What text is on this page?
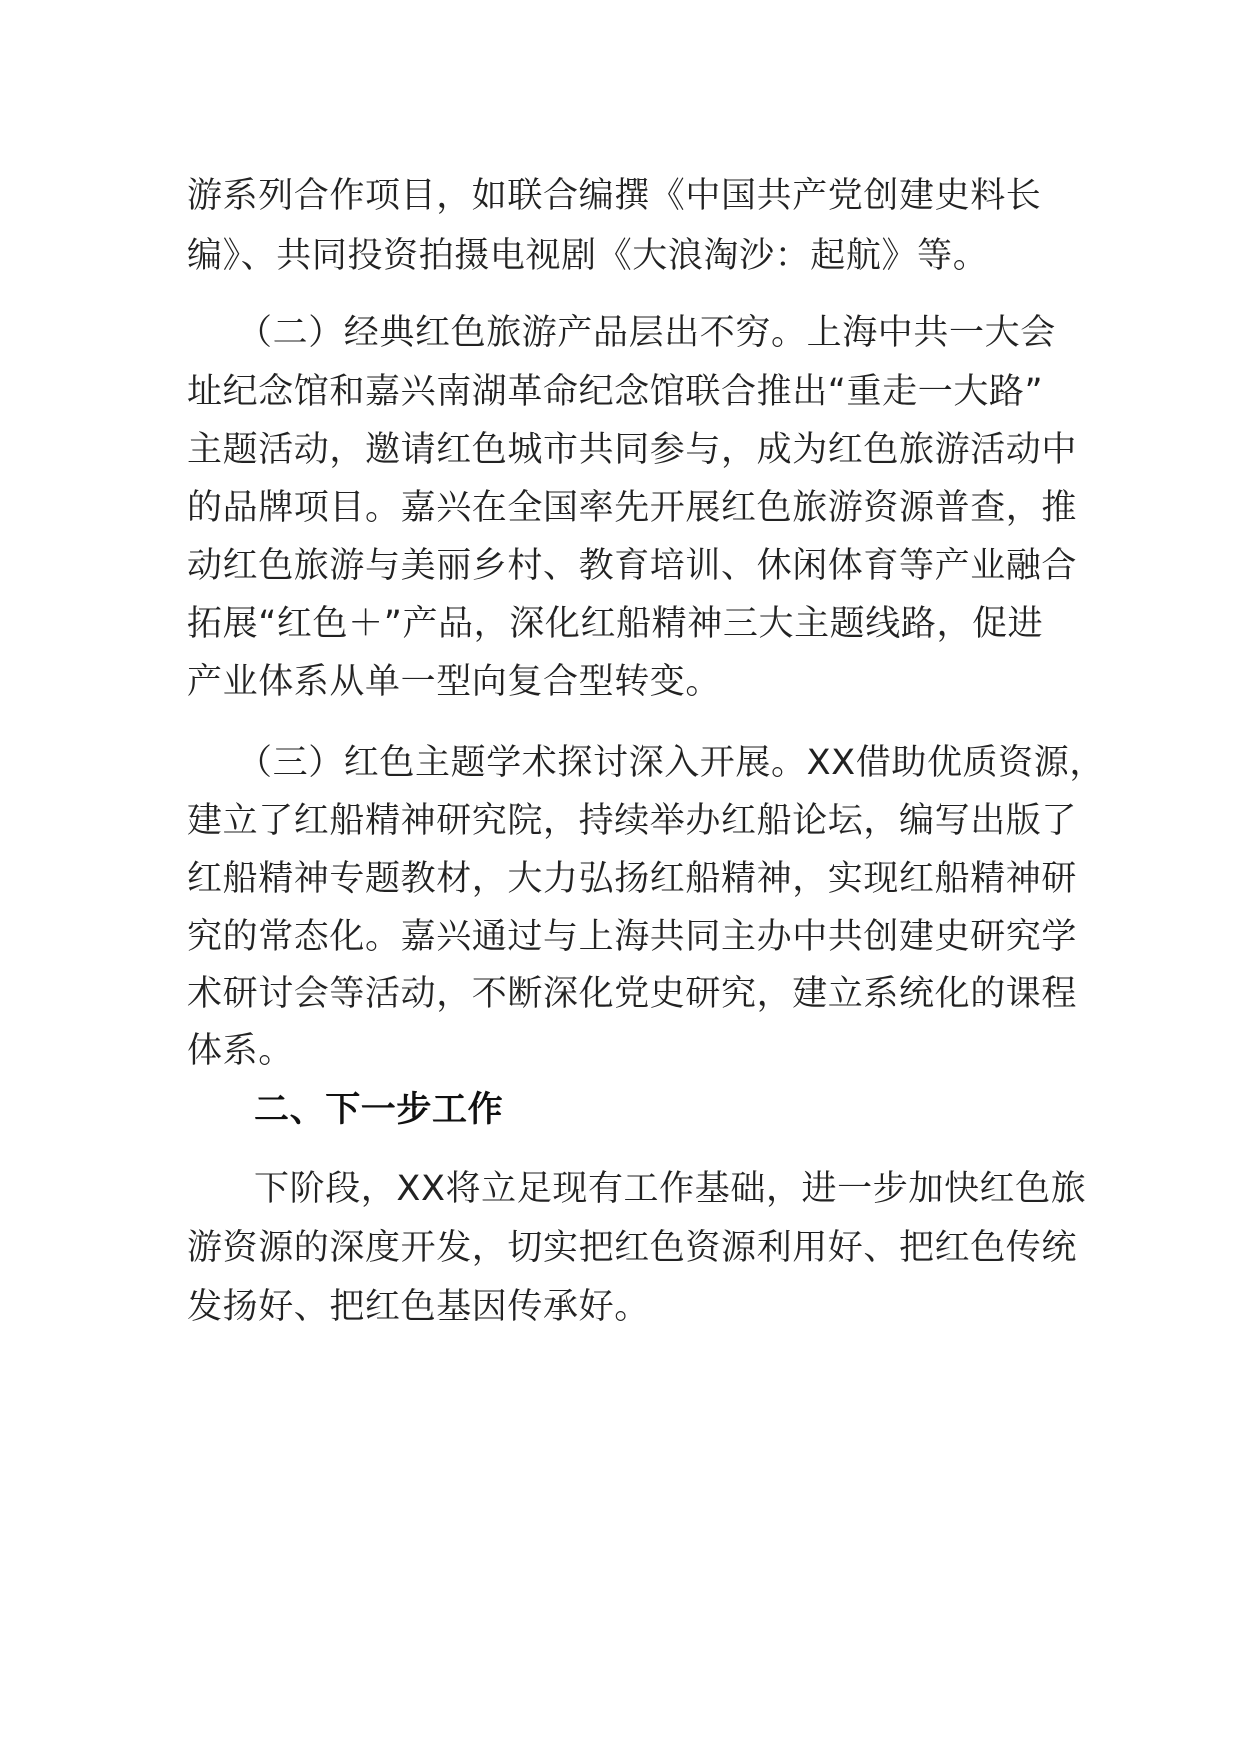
游系列合作项目，如联合编撰《中国共产党创建史料长
编》、共同投资拍摄电视剧《大浪淘沙：起航》等。
（二）经典红色旅游产品层出不穷。上海中共一大会
址纪念馆和嘉兴南湖革命纪念馆联合推出“重走一大路”
主题活动，邀请红色城市共同参与，成为红色旅游活动中
的品牌项目。嘉兴在全国率先开展红色旅游资源普查，推
动红色旅游与美丽乡村、教育培训、休闲体育等产业融合
拓展“红色＋”产品，深化红船精神三大主题线路，促进
产业体系从单一型向复合型转变。
（三）红色主题学术探讨深入开展。XX借助优质资源，
建立了红船精神研究院，持续举办红船论坛，编写出版了
红船精神专题教材，大力弘扬红船精神，实现红船精神研
究的常态化。嘉兴通过与上海共同主办中共创建史研究学
术研讨会等活动，不断深化党史研究，建立系统化的课程
体系。
二、下一步工作
下阶段，XX将立足现有工作基础，进一步加快红色旅
游资源的深度开发，切实把红色资源利用好、把红色传统
发扬好、把红色基因传承好。
